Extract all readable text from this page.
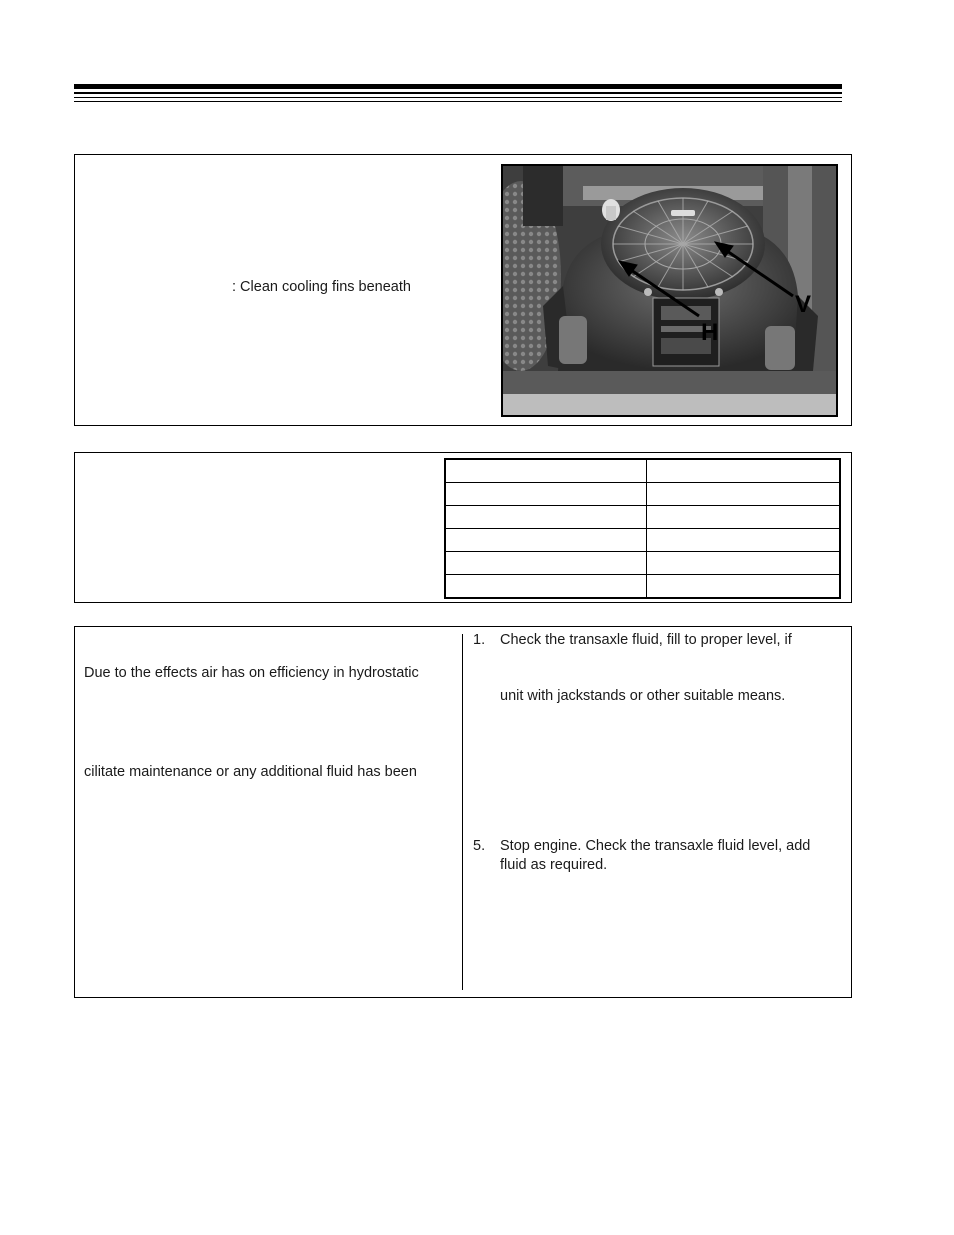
: Clean cooling fins beneath
H
V

Due to the effects air has on efficiency in hydrostatic
cilitate maintenance or any additional fluid has been
1. Check the transaxle fluid, fill to proper level, if
unit with jackstands or other suitable means.
5. Stop engine. Check the transaxle fluid level, add
fluid as required.
